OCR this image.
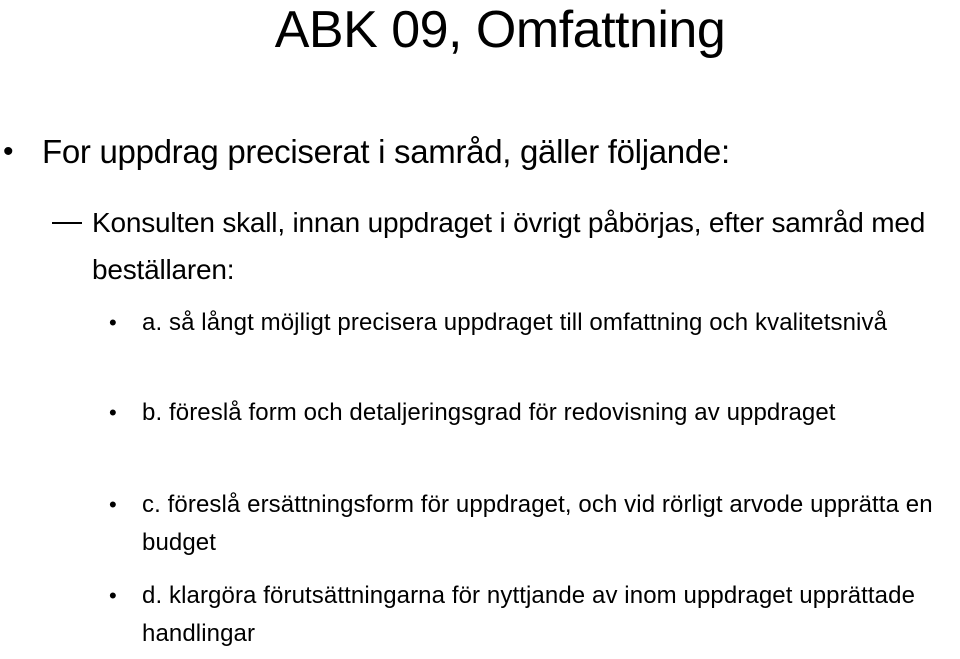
ABK 09, Omfattning
• For uppdrag preciserat i samråd, gäller följande:
Konsulten skall, innan uppdraget i övrigt påbörjas, efter samråd med beställaren:
• a. så långt möjligt precisera uppdraget till omfattning och kvalitetsnivå
• b. föreslå form och detaljeringsgrad för redovisning av uppdraget
• c. föreslå ersättningsform för uppdraget, och vid rörligt arvode upprätta en budget
• d. klargöra förutsättningarna för nyttjande av inom uppdraget upprättade handlingar
